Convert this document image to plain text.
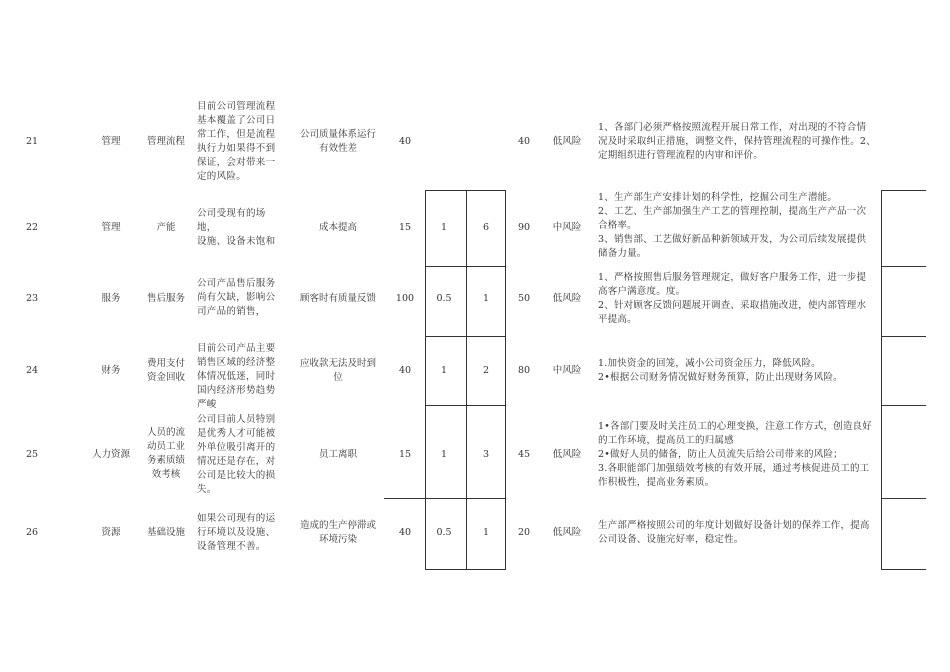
21	管理	管理流程
目前公司管理流程
基本覆盖了公司日
常工作，但是流程
执行力如果得不到
保证，会对带来一
定的风险。
公司质量体系运行
有效性差
40	40	低风险
1、各部门必须严格按照流程开展日常工作，对出现的不符合情
况及时采取纠正措施，调整文件，保持管理流程的可操作性。2、
定期组织进行管理流程的内审和评价。
22	管理	产能
公司受现有的场地，
设施、设备未饱和
成本提高	15	1	6	90	中风险
1、生产部生产安排计划的科学性，挖掘公司生产潜能。
2、工艺、生产部加强生产工艺的管理控制，提高生产产品一次
合格率。
3、销售部、工艺做好新品种新领域开发，为公司后续发展提供
储备力量。
23	服务	售后服务
公司产品售后服务
尚有欠缺，影响公
司产品的销售，
顾客时有质量反馈	100	0.5	1	50	低风险
1、严格按照售后服务管理规定，做好客户服务工作，进一步提
高客户满意度。度。
2、针对顾客反馈问题展开调查、采取措施改进，使内部管理水
平提高。
24	财务
费用支付
资金回收
目前公司产品主要
销售区域的经济整
体情况低迷，同时
国内经济形势趋势
严峻
应收款无法及时到
位
40	1	2	80	中风险
1.加快资金的回笼，减小公司资金压力，降低风险。
2•根据公司财务情况做好财务预算，防止出现财务风险。
25	人力资源
人员的流
动员工业
务素质绩
效考核
公司目前人员特别
是优秀人才可能被
外单位吸引离开的
情况还是存在，对
公司是比较大的损
失。
员工离职	15	1	3	45	低风险
1•各部门要及时关注员工的心理变换，注意工作方式，创造良好
的工作环境，提高员工的归属感
2•做好人员的储备，防止人员流失后给公司带来的风险；
3.各职能部门加强绩效考核的有效开展，通过考核促进员工的工
作积极性，提高业务素质。
26	资源	基础设施
如果公司现有的运
行环境以及设施、
设备管理不善。
造成的生产停滞或
环境污染
40	0.5	1	20	低风险
生产部严格按照公司的年度计划做好设备计划的保养工作，提高
公司设备、设施完好率，稳定性。
